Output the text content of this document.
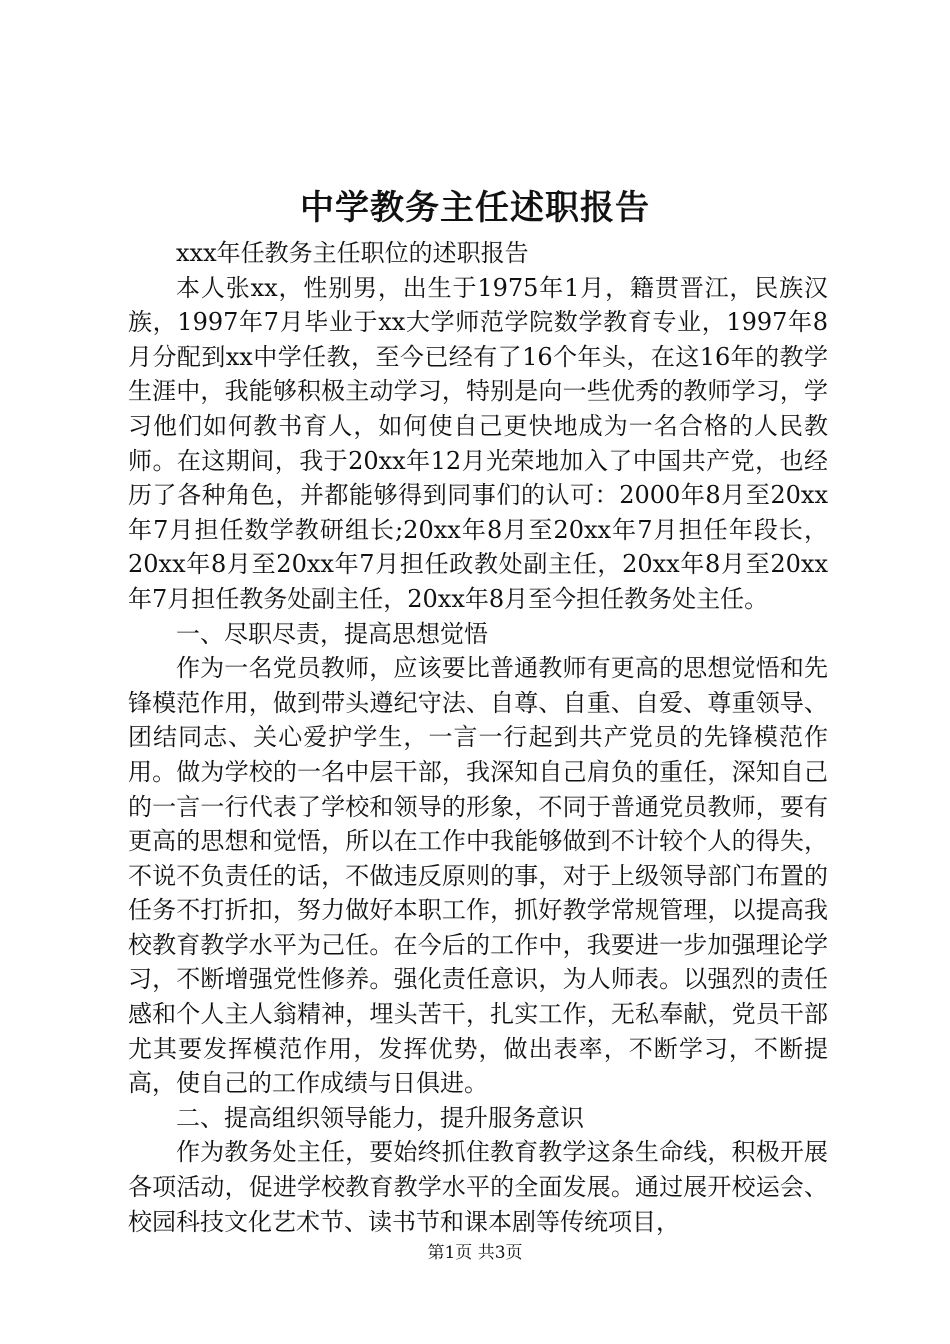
中学教务主任述职报告

xxx年任教务主任职位的述职报告

本人张xx，性别男，出生于1975年1月，籍贯晋江，民族汉族，1997年7月毕业于xx大学师范学院数学教育专业，1997年8月分配到xx中学任教，至今已经有了16个年头，在这16年的教学生涯中，我能够积极主动学习，特别是向一些优秀的教师学习，学习他们如何教书育人，如何使自己更快地成为一名合格的人民教师。在这期间，我于20xx年12月光荣地加入了中国共产党，也经历了各种角色，并都能够得到同事们的认可：2000年8月至20xx年7月担任数学教研组长;20xx年8月至20xx年7月担任年段长，20xx年8月至20xx年7月担任政教处副主任，20xx年8月至20xx年7月担任教务处副主任，20xx年8月至今担任教务处主任。

一、尽职尽责，提高思想觉悟

作为一名党员教师，应该要比普通教师有更高的思想觉悟和先锋模范作用，做到带头遵纪守法、自尊、自重、自爱、尊重领导、团结同志、关心爱护学生，一言一行起到共产党员的先锋模范作用。做为学校的一名中层干部，我深知自己肩负的重任，深知自己的一言一行代表了学校和领导的形象，不同于普通党员教师，要有更高的思想和觉悟，所以在工作中我能够做到不计较个人的得失，不说不负责任的话，不做违反原则的事，对于上级领导部门布置的任务不打折扣，努力做好本职工作，抓好教学常规管理，以提高我校教育教学水平为己任。在今后的工作中，我要进一步加强理论学习，不断增强党性修养。强化责任意识，为人师表。以强烈的责任感和个人主人翁精神，埋头苦干，扎实工作，无私奉献，党员干部尤其要发挥模范作用，发挥优势，做出表率，不断学习，不断提高，使自己的工作成绩与日俱进。

二、提高组织领导能力，提升服务意识

作为教务处主任，要始终抓住教育教学这条生命线，积极开展各项活动，促进学校教育教学水平的全面发展。通过展开校运会、校园科技文化艺术节、读书节和课本剧等传统项目，

第1页 共3页
